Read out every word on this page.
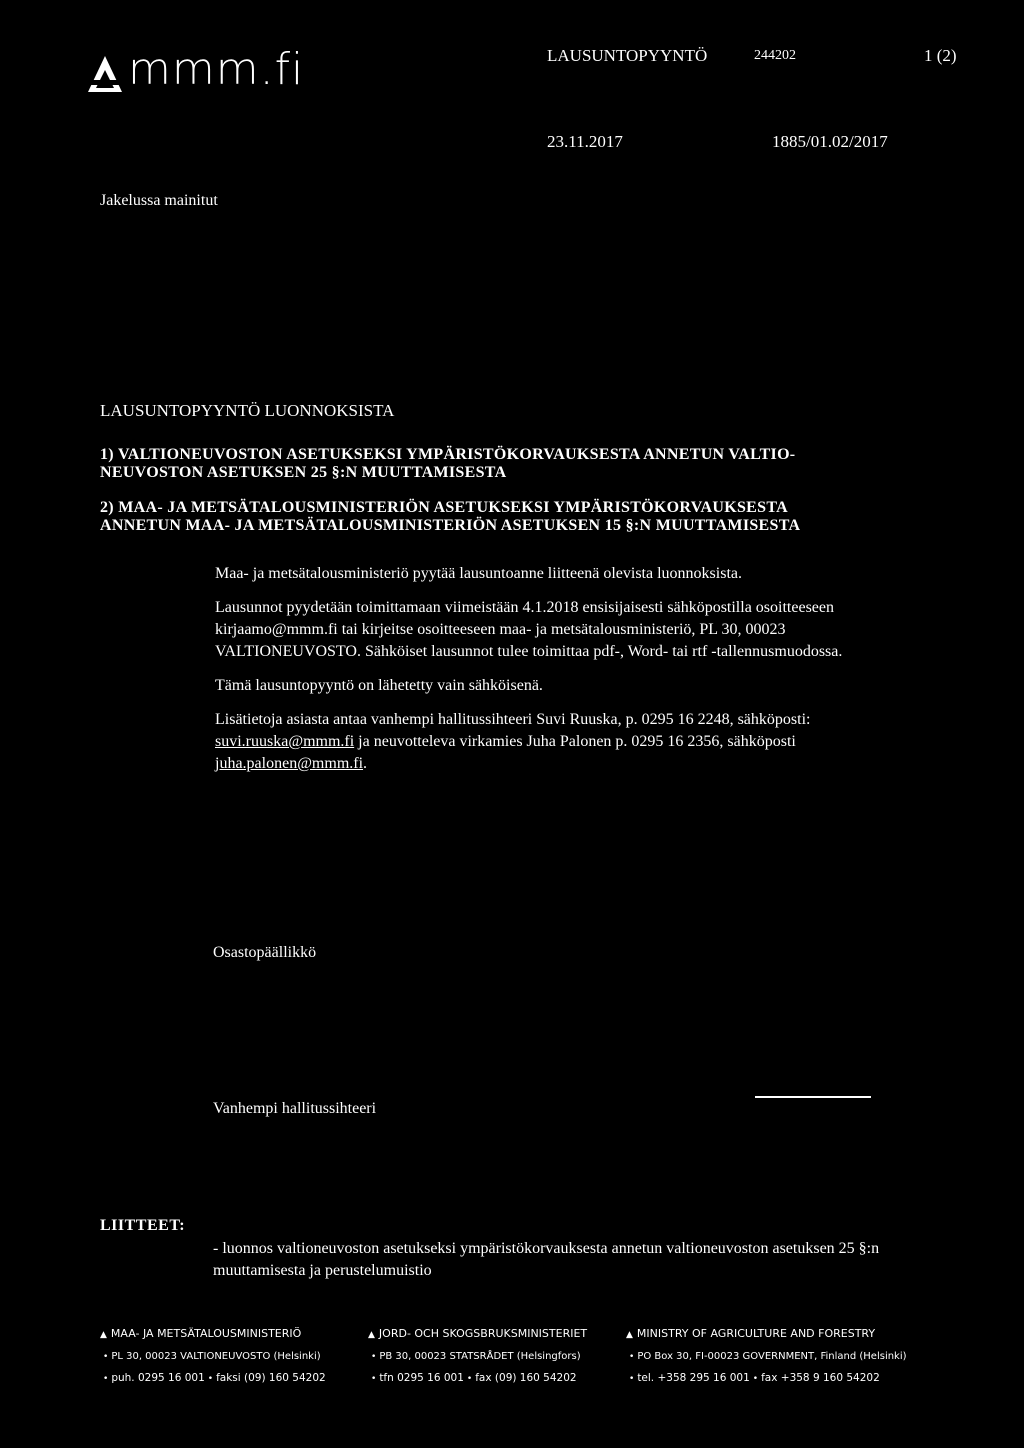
mmm.fi	LAUSUNTOPYYNTÖ	244202	1 (2)
23.11.2017	1885/01.02/2017
Jakelussa mainitut
LAUSUNTOPYYNTÖ LUONNOKSISTA
1) VALTIONEUVOSTON ASETUKSEKSI YMPÄRISTÖKORVAUKSESTA ANNETUN VALTIO-
NEUVOSTON ASETUKSEN 25 §:N MUUTTAMISESTA
2) MAA- JA METSÄTALOUSMINISTERIÖN ASETUKSEKSI YMPÄRISTÖKORVAUKSESTA
ANNETUN MAA- JA METSÄTALOUSMINISTERIÖN ASETUKSEN 15 §:N MUUTTAMISESTA

Maa- ja metsätalousministeriö pyytää lausuntoanne liitteenä olevista luonnoksista.

Lausunnot pyydetään toimittamaan viimeistään 4.1.2018 ensisijaisesti sähköpostilla osoitteeseen kirjaamo@mmm.fi tai kirjeitse osoitteeseen maa- ja metsätalousministeriö, PL 30, 00023 VALTIONEUVOSTO. Sähköiset lausunnot tulee toimittaa pdf-, Word- tai rtf -tallennusmuodossa.

Tämä lausuntopyyntö on lähetetty vain sähköisenä.

Lisätietoja asiasta antaa vanhempi hallitussihteeri Suvi Ruuska, p. 0295 16 2248, sähköposti: suvi.ruuska@mmm.fi ja neuvotteleva virkamies Juha Palonen p. 0295 16 2356, sähköposti juha.palonen@mmm.fi.

Osastopäällikkö
Vanhempi hallitussihteeri
LIITTEET:
- luonnos valtioneuvoston asetukseksi ympäristökorvauksesta annetun valtioneuvoston asetuksen 25 §:n muuttamisesta ja perustelumuistio
▲ MAA- JA METSÄTALOUSMINISTERIÖ
• PL 30, 00023 VALTIONEUVOSTO (Helsinki)
• puh. 0295 16 001 • faksi (09) 160 54202
▲ JORD- OCH SKOGSBRUKSMINISTERIET
• PB 30, 00023 STATSRÅDET (Helsingfors)
• tfn 0295 16 001 • fax (09) 160 54202
▲ MINISTRY OF AGRICULTURE AND FORESTRY
• PO Box 30, FI-00023 GOVERNMENT, Finland (Helsinki)
• tel. +358 295 16 001 • fax +358 9 160 54202
